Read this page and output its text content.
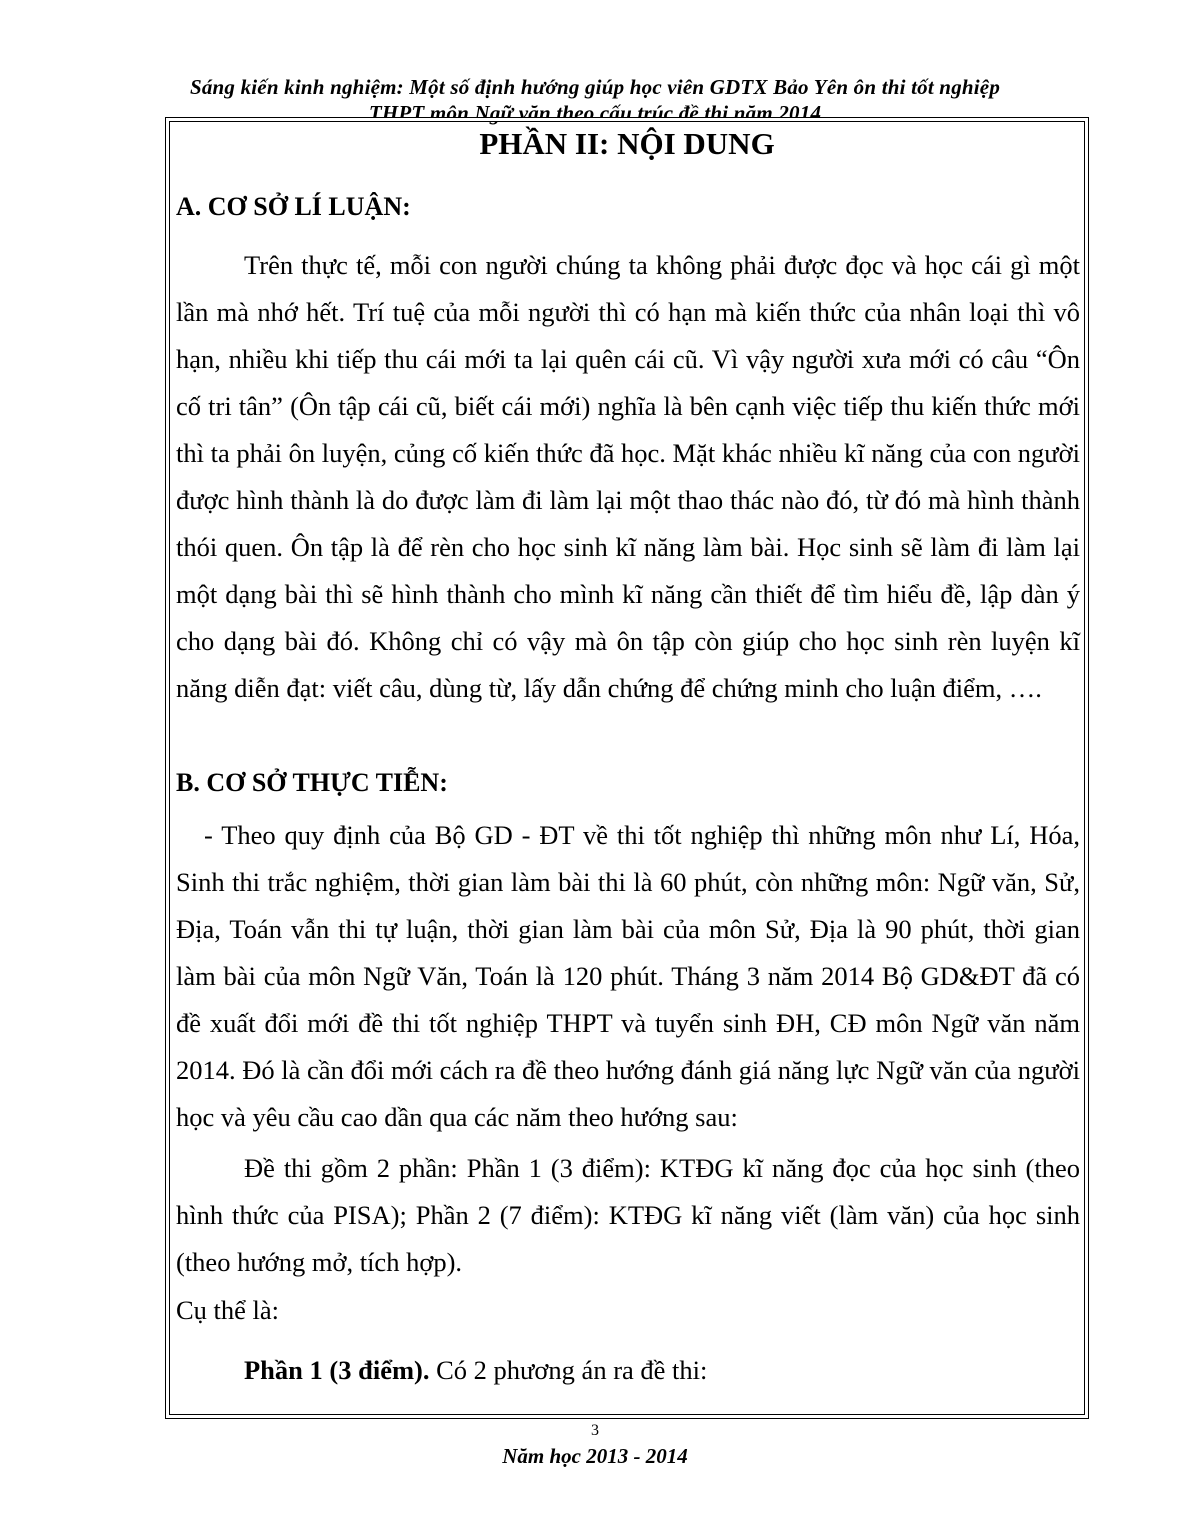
Sáng kiến kinh nghiệm: Một số định hướng giúp học viên GDTX Bảo Yên ôn thi tốt nghiệp
THPT môn Ngữ văn theo cấu trúc đề thi năm 2014
PHẦN II: NỘI DUNG
A. CƠ SỞ LÍ LUẬN:

Trên thực tế, mỗi con người chúng ta không phải được đọc và học cái gì một lần mà nhớ hết. Trí tuệ của mỗi người thì có hạn mà kiến thức của nhân loại thì vô hạn, nhiều khi tiếp thu cái mới ta lại quên cái cũ. Vì vậy người xưa mới có câu “Ôn cố tri tân” (Ôn tập cái cũ, biết cái mới) nghĩa là bên cạnh việc tiếp thu kiến thức mới thì ta phải ôn luyện, củng cố kiến thức đã học. Mặt khác nhiều kĩ năng của con người được hình thành là do được làm đi làm lại một thao thác nào đó, từ đó mà hình thành thói quen. Ôn tập là để rèn cho học sinh kĩ năng làm bài. Học sinh sẽ làm đi làm lại một dạng bài thì sẽ hình thành cho mình kĩ năng cần thiết để tìm hiểu đề, lập dàn ý cho dạng bài đó. Không chỉ có vậy mà ôn tập còn giúp cho học sinh rèn luyện kĩ năng diễn đạt: viết câu, dùng từ, lấy dẫn chứng để chứng minh cho luận điểm, ….

B. CƠ SỞ THỰC TIỄN:

- Theo quy định của Bộ GD - ĐT về thi tốt nghiệp thì những môn như Lí, Hóa, Sinh thi trắc nghiệm, thời gian làm bài thi là 60 phút, còn những môn: Ngữ văn, Sử, Địa, Toán vẫn thi tự luận, thời gian làm bài của môn Sử, Địa là 90 phút, thời gian làm bài của môn Ngữ Văn, Toán là 120 phút. Tháng 3 năm 2014 Bộ GD&ĐT đã có đề xuất đổi mới đề thi tốt nghiệp THPT và tuyển sinh ĐH, CĐ môn Ngữ văn năm 2014. Đó là cần đổi mới cách ra đề theo hướng đánh giá năng lực Ngữ văn của người học và yêu cầu cao dần qua các năm theo hướng sau:

Đề thi gồm 2 phần: Phần 1 (3 điểm): KTĐG kĩ năng đọc của học sinh (theo hình thức của PISA); Phần 2 (7 điểm): KTĐG kĩ năng viết (làm văn) của học sinh (theo hướng mở, tích hợp).

Cụ thể là:

Phần 1 (3 điểm). Có 2 phương án ra đề thi:

3
Năm học 2013 - 2014
